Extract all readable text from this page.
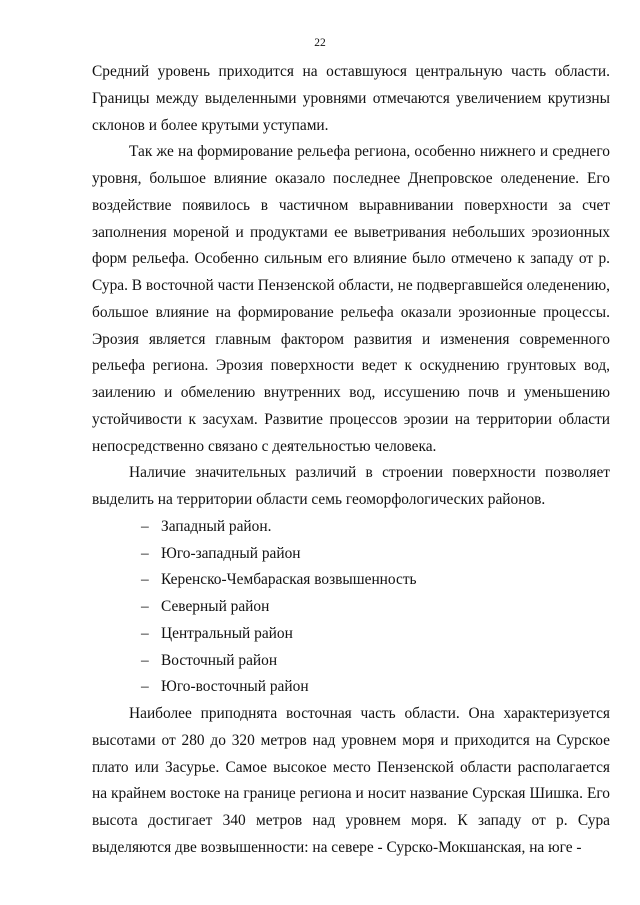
22

Средний уровень приходится на оставшуюся центральную часть области. Границы между выделенными уровнями отмечаются увеличением крутизны склонов и более крутыми уступами.

Так же на формирование рельефа региона, особенно нижнего и среднего уровня, большое влияние оказало последнее Днепровское оледенение. Его воздействие появилось в частичном выравнивании поверхности за счет заполнения мореной и продуктами ее выветривания небольших эрозионных форм рельефа. Особенно сильным его влияние было отмечено к западу от р. Сура. В восточной части Пензенской области, не подвергавшейся оледенению, большое влияние на формирование рельефа оказали эрозионные процессы. Эрозия является главным фактором развития и изменения современного рельефа региона. Эрозия поверхности ведет к оскуднению грунтовых вод, заилению и обмелению внутренних вод, иссушению почв и уменьшению устойчивости к засухам. Развитие процессов эрозии на территории области непосредственно связано с деятельностью человека.

Наличие значительных различий в строении поверхности позволяет выделить на территории области семь геоморфологических районов.

– Западный район.
– Юго-западный район
– Керенско-Чембараская возвышенность
– Северный район
– Центральный район
– Восточный район
– Юго-восточный район

Наиболее приподнята восточная часть области. Она характеризуется высотами от 280 до 320 метров над уровнем моря и приходится на Сурское плато или Засурье. Самое высокое место Пензенской области располагается на крайнем востоке на границе региона и носит название Сурская Шишка. Его высота достигает 340 метров над уровнем моря. К западу от р. Сура выделяются две возвышенности: на севере - Сурско-Мокшанская, на юге -
